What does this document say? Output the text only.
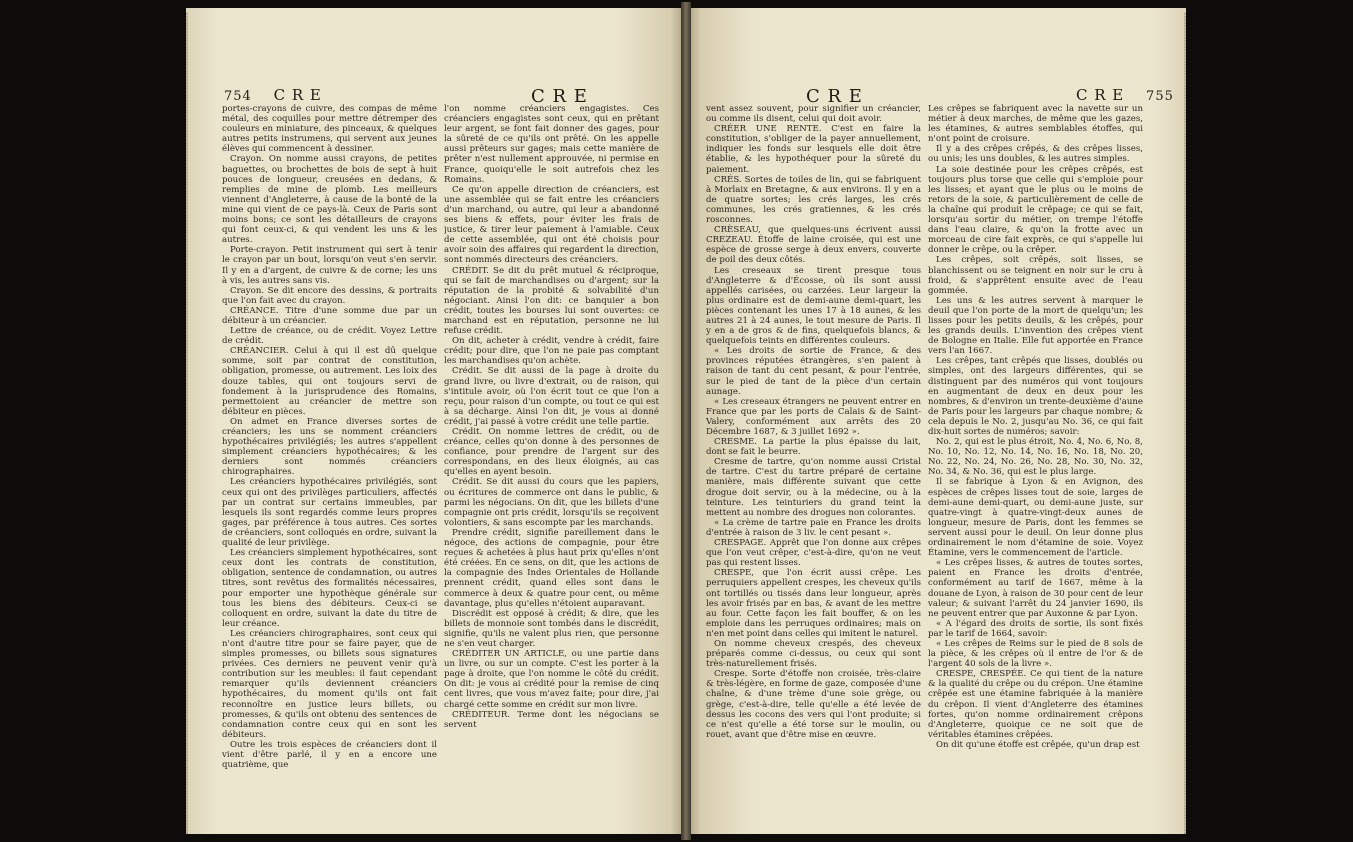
754 C R E	C R E

portes-crayons de cuivre, des compas de même métal, des coquilles pour mettre détremper des couleurs en miniature, des pinceaux, & quelques autres petits instrumens, qui servent aux jeunes élèves qui commencent à dessiner.

Crayon. On nomme aussi crayons, de petites baguettes, ou brochettes de bois de sept à huit pouces de longueur, creusées en dedans, & remplies de mine de plomb. Les meilleurs viennent d'Angleterre, à cause de la bonté de la mine qui vient de ce pays-là. Ceux de Paris sont moins bons; ce sont les détailleurs de crayons qui font ceux-ci, & qui vendent les uns & les autres.

Porte-crayon. Petit instrument qui sert à tenir le crayon par un bout, lorsqu'on veut s'en servir. Il y en a d'argent, de cuivre & de corne; les uns à vis, les autres sans vis.

Crayon. Se dit encore des dessins, & portraits que l'on fait avec du crayon.

CRÉANCE. Titre d'une somme due par un débiteur à un créancier.

Lettre de créance, ou de crédit. Voyez Lettre de crédit.

CRÉANCIER. Celui à qui il est dû quelque somme, soit par contrat de constitution, obligation, promesse, ou autrement. Les loix des douze tables, qui ont toujours servi de fondement à la jurisprudence des Romains, permettoient au créancier de mettre son débiteur en pièces.

On admet en France diverses sortes de créanciers; les uns se nomment créanciers hypothécaires privilégiés; les autres s'appellent simplement créanciers hypothécaires; & les derniers sont nommés créanciers chirographaires.

Les créanciers hypothécaires privilégiés, sont ceux qui ont des privilèges particuliers, affectés par un contrat sur certains immeubles, par lesquels ils sont regardés comme leurs propres gages, par préférence à tous autres. Ces sortes de créanciers, sont colloqués en ordre, suivant la qualité de leur privilège.

Les créanciers simplement hypothécaires, sont ceux dont les contrats de constitution, obligation, sentence de condamnation, ou autres titres, sont revêtus des formalités nécessaires, pour emporter une hypothèque générale sur tous les biens des débiteurs. Ceux-ci se colloquent en ordre, suivant la date du titre de leur créance.

Les créanciers chirographaires, sont ceux qui n'ont d'autre titre pour se faire payer, que de simples promesses, ou billets sous signatures privées. Ces derniers ne peuvent venir qu'à contribution sur les meubles: il faut cependant remarquer qu'ils deviennent créanciers hypothécaires, du moment qu'ils ont fait reconnoître en justice leurs billets, ou promesses, & qu'ils ont obtenu des sentences de condamnation contre ceux qui en sont les débiteurs.

Outre les trois espèces de créanciers dont il vient d'être parlé, il y en a encore une quatrième, que

l'on nomme créanciers engagistes. Ces créanciers engagistes sont ceux, qui en prêtant leur argent, se font fait donner des gages, pour la sûreté de ce qu'ils ont prêté. On les appelle aussi prêteurs sur gages; mais cette manière de prêter n'est nullement approuvée, ni permise en France, quoiqu'elle le soit autrefois chez les Romains.

Ce qu'on appelle direction de créanciers, est une assemblée qui se fait entre les créanciers d'un marchand, ou autre, qui leur a abandonné ses biens & effets, pour éviter les frais de justice, & tirer leur paiement à l'amiable. Ceux de cette assemblée, qui ont été choisis pour avoir soin des affaires qui regardent la direction, sont nommés directeurs des créanciers.

CRÉDIT. Se dit du prêt mutuel & réciproque, qui se fait de marchandises ou d'argent; sur la réputation de la probité & solvabilité d'un négociant. Ainsi l'on dit: ce banquier a bon crédit, toutes les bourses lui sont ouvertes: ce marchand est en réputation, personne ne lui refuse crédit.

On dit, acheter à crédit, vendre à crédit, faire crédit; pour dire, que l'on ne paie pas comptant les marchandises qu'on achète.

Crédit. Se dit aussi de la page à droite du grand livre, ou livre d'extrait, ou de raison, qui s'intitule avoir, où l'on écrit tout ce que l'on a reçu, pour raison d'un compte, ou tout ce qui est à sa décharge. Ainsi l'on dit, je vous ai donné crédit, j'ai passé à votre crédit une telle partie.

Crédit. On nomme lettres de crédit, ou de créance, celles qu'on donne à des personnes de confiance, pour prendre de l'argent sur des correspondans, en des lieux éloignés, au cas qu'elles en ayent besoin.

Crédit. Se dit aussi du cours que les papiers, ou écritures de commerce ont dans le public, & parmi les négocians. On dit, que les billets d'une compagnie ont pris crédit, lorsqu'ils se reçoivent volontiers, & sans escompte par les marchands.

Prendre crédit, signifie pareillement dans le négoce, des actions de compagnie, pour être reçues & achetées à plus haut prix qu'elles n'ont été créées. En ce sens, on dit, que les actions de la compagnie des Indes Orientales de Hollande prennent crédit, quand elles sont dans le commerce à deux & quatre pour cent, ou même davantage, plus qu'elles n'étoient auparavant.

Discrédit est opposé à crédit; & dire, que les billets de monnoie sont tombés dans le discrédit, signifie, qu'ils ne valent plus rien, que personne ne s'en veut charger.

CRÉDITER UN ARTICLE, ou une partie dans un livre, ou sur un compte. C'est les porter à la page à droite, que l'on nomme le côté du crédit. On dit: je vous ai crédité pour la remise de cinq cent livres, que vous m'avez faite; pour dire, j'ai chargé cette somme en crédit sur mon livre.

CRÉDITEUR. Terme dont les négocians se servent

C R E	C R E 755

vent assez souvent, pour signifier un créancier, ou comme ils disent, celui qui doit avoir.

CRÉER UNE RENTE. C'est en faire la constitution, s'obliger de la payer annuellement, indiquer les fonds sur lesquels elle doit être établie, & les hypothéquer pour la sûreté du paiement.

CRÉS. Sortes de toiles de lin, qui se fabriquent à Morlaix en Bretagne, & aux environs. Il y en a de quatre sortes; les crés larges, les crés communes, les crés gratiennes, & les crés rosconnes.

CRÈSEAU, que quelques-uns écrivent aussi CREZEAU. Étoffe de laine croisée, qui est une espèce de grosse serge à deux envers, couverte de poil des deux côtés.

Les creseaux se tirent presque tous d'Angleterre & d'Écosse, où ils sont aussi appellés carisées, ou carzées. Leur largeur la plus ordinaire est de demi-aune demi-quart, les pièces contenant les unes 17 à 18 aunes, & les autres 21 à 24 aunes, le tout mesure de Paris. Il y en a de gros & de fins, quelquefois blancs, & quelquefois teints en différentes couleurs.

« Les droits de sortie de France, & des provinces réputées étrangères, s'en paient à raison de tant du cent pesant, & pour l'entrée, sur le pied de tant de la pièce d'un certain aunage.

« Les creseaux étrangers ne peuvent entrer en France que par les ports de Calais & de Saint-Valery, conformément aux arrêts des 20 Décembre 1687, & 3 juillet 1692 ».

CRESME. La partie la plus épaisse du lait, dont se fait le beurre.

Cresme de tartre, qu'on nomme aussi Cristal de tartre. C'est du tartre préparé de certaine manière, mais différente suivant que cette drogue doit servir, ou à la médecine, ou à la teinture. Les teinturiers du grand teint la mettent au nombre des drogues non colorantes.

« La crème de tartre paie en France les droits d'entrée à raison de 3 liv. le cent pesant ».

CRESPAGE. Apprêt que l'on donne aux crêpes que l'on veut crêper, c'est-à-dire, qu'on ne veut pas qui restent lisses.

CRESPE, que l'on écrit aussi crêpe. Les perruquiers appellent crespes, les cheveux qu'ils ont tortillés ou tissés dans leur longueur, après les avoir frisés par en bas, & avant de les mettre au four. Cette façon les fait bouffer, & on les emploie dans les perruques ordinaires; mais on n'en met point dans celles qui imitent le naturel.

On nomme cheveux crespés, des cheveux préparés comme ci-dessus, ou ceux qui sont très-naturellement frisés.

Crespe. Sorte d'étoffe non croisée, très-claire & très-légère, en forme de gaze, composée d'une chaîne, & d'une trème d'une soie grège, ou grège, c'est-à-dire, telle qu'elle a été levée de dessus les cocons des vers qui l'ont produite; si ce n'est qu'elle a été torse sur le moulin, ou rouet, avant que d'être mise en œuvre.

Les crêpes se fabriquent avec la navette sur un métier à deux marches, de même que les gazes, les étamines, & autres semblables étoffes, qui n'ont point de croisure.

Il y a des crêpes crêpés, & des crêpes lisses, ou unis; les uns doubles, & les autres simples.

La soie destinée pour les crêpes crêpés, est toujours plus torse que celle qui s'emploie pour les lisses; et ayant que le plus ou le moins de retors de la soie, & particulièrement de celle de la chaîne qui produit le crêpage; ce qui se fait, lorsqu'au sortir du métier, on trempe l'étoffe dans l'eau claire, & qu'on la frotte avec un morceau de cire fait exprès, ce qui s'appelle lui donner le crêpe, ou la crêper.

Les crêpes, soit crêpés, soit lisses, se blanchissent ou se teignent en noir sur le cru à froid, & s'apprêtent ensuite avec de l'eau gommée.

Les uns & les autres servent à marquer le deuil que l'on porte de la mort de quelqu'un; les lisses pour les petits deuils, & les crêpés, pour les grands deuils. L'invention des crêpes vient de Bologne en Italie. Elle fut apportée en France vers l'an 1667.

Les crêpes, tant crêpés que lisses, doublés ou simples, ont des largeurs différentes, qui se distinguent par des numéros qui vont toujours en augmentant de deux en deux pour les nombres, & d'environ un trente-deuxième d'aune de Paris pour les largeurs par chaque nombre; & cela depuis le No. 2, jusqu'au No. 36, ce qui fait dix-huit sortes de numéros; savoir:

No. 2, qui est le plus étroit, No. 4, No. 6, No. 8, No. 10, No. 12, No. 14, No. 16, No. 18, No. 20, No. 22, No. 24, No. 26, No. 28, No. 30, No. 32, No. 34, & No. 36, qui est le plus large.

Il se fabrique à Lyon & en Avignon, des espèces de crêpes lisses tout de soie, larges de demi-aune demi-quart, ou demi-aune juste, sur quatre-vingt à quatre-vingt-deux aunes de longueur, mesure de Paris, dont les femmes se servent aussi pour le deuil. On leur donne plus ordinairement le nom d'étamine de soie. Voyez Étamine, vers le commencement de l'article.

« Les crêpes lisses, & autres de toutes sortes, paient en France les droits d'entrée, conformément au tarif de 1667, même à la douane de Lyon, à raison de 30 pour cent de leur valeur; & suivant l'arrêt du 24 janvier 1690, ils ne peuvent entrer que par Auxonne & par Lyon.

« A l'égard des droits de sortie, ils sont fixés par le tarif de 1664, savoir:

« Les crêpes de Reims sur le pied de 8 sols de la pièce, & les crêpes où il entre de l'or & de l'argent 40 sols de la livre ».

CRESPE, CRESPÉE. Ce qui tient de la nature & la qualité du crêpe ou du crépon. Une étamine crêpée est une étamine fabriquée à la manière du crêpon. Il vient d'Angleterre des étamines fortes, qu'on nomme ordinairement crêpons d'Angleterre, quoique ce ne soit que de véritables étamines crêpées.

On dit qu'une étoffe est crêpée, qu'un drap est
